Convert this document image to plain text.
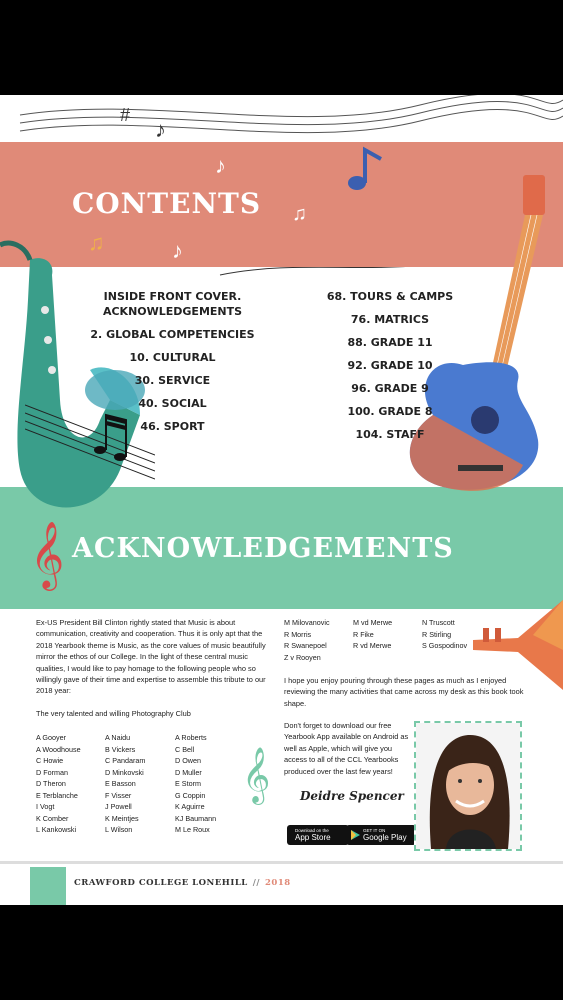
#
♪
♪
♫	♪
♫
𝄞
𝄞
CONTENTS
INSIDE FRONT COVER.
ACKNOWLEDGEMENTS
2. GLOBAL COMPETENCIES
10. CULTURAL
30. SERVICE
40. SOCIAL
46. SPORT
68. TOURS & CAMPS
76. MATRICS
88. GRADE 11
92. GRADE 10
96. GRADE 9
100. GRADE 8
104. STAFF
ACKNOWLEDGEMENTS
Ex-US President Bill Clinton rightly stated that Music is about communication, creativity and cooperation. Thus it is only apt that the 2018 Yearbook theme is Music, as the core values of music beautifully mirror the ethos of our College. In the light of these central music qualities, I would like to pay homage to the following people who so willingly gave of their time and expertise to assemble this tribute to our 2018 year:
The very talented and willing Photography Club
A Gooyer
A Woodhouse
C Howie
D Forman
D Theron
E Terblanche
I Vogt
K Comber
L Kankowski
A Naidu
B Vickers
C Pandaram
D Minkovski
E Basson
F Visser
J Powell
K Meintjes
L Wilson
A Roberts
C Bell
D Owen
D Muller
E Storm
G Coppin
K Aguirre
KJ Baumann
M Le Roux
M Milovanovic
R Morris
R Swanepoel
Z v Rooyen
M vd Merwe
R Fike
R vd Merwe
N Truscott
R Stirling
S Gospodinov
I hope you enjoy pouring through these pages as much as I enjoyed reviewing the many activities that came across my desk as this book took shape.
Don't forget to download our free Yearbook App available on Android as well as Apple, which will give you access to all of the CCL Yearbooks produced over the last few years!
Deidre Spencer
Download on the
App Store
GET IT ON
Google Play
CRAWFORD COLLEGE LONEHILL // 2018
